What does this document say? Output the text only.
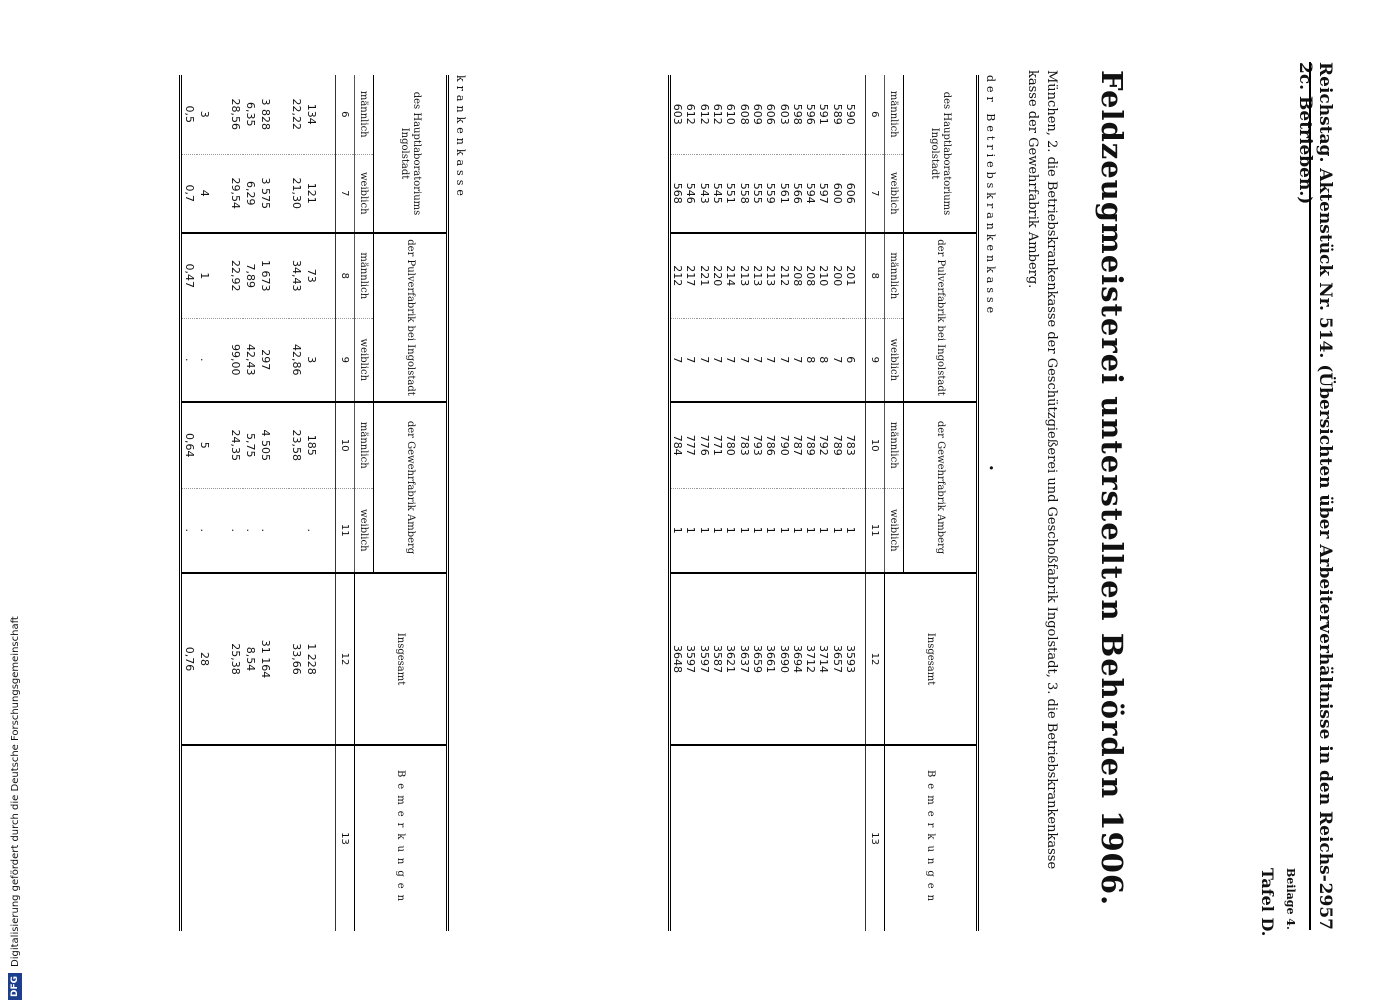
DFG
Digitalisierung gefördert durch die Deutsche Forschungsgemeinschaft	Reichstag. Aktenstück Nr. 514. (Übersichten über Arbeiterverhältnisse in den Reichs- 2c. Betrieben.)
2957
Beilage 4.
Tafel D.
Feldzeugmeisterei unterstellten Behörden 1906.
München, 2. die Betriebskrankenkasse der Geschützgießerei und Geschoßfabrik Ingolstadt, 3. die Betriebskrankenkasse kasse der Gewehrfabrik Amberg.
der Betriebskrankenkasse •
des Hauptlaboratoriums Ingolstadt		der Pulverfabrik bei Ingolstadt		der Gewehrfabrik Amberg		Insgesamt	Bemerkungen
männlich	weiblich	männlich	weiblich	männlich	weiblich		
6	7	8	9	10	11	12	13
590	606	201	6	783	1	3593	
589	600	200	7	789	1	3657	
591	597	210	8	792	1	3714	
596	594	208	8	789	1	3712	
598	566	208	7	787	1	3694	
603	561	212	7	790	1	3690	
606	559	213	7	786	1	3661	
609	555	213	7	793	1	3659	
608	558	213	7	783	1	3637	
610	551	214	7	780	1	3621	
612	545	220	7	771	1	3587	
612	543	221	7	776	1	3597	
612	546	217	7	777	1	3597	
603	568	212	7	784	1	3648	
krankenkasse
des Hauptlaboratoriums Ingolstadt		der Pulverfabrik bei Ingolstadt		der Gewehrfabrik Amberg		Insgesamt	Bemerkungen
männlich	weiblich	männlich	weiblich	männlich	weiblich		
6	7	8	9	10	11	12	13
134	121	73	3	185	.	1 228	
22,22	21,30	34,43	42,86	23,58		33,66	
3 828	3 575	1 673	297	4 505	.	31 164	
6,35	6,29	7,89	42,43	5,75	.	8,54	
28,56	29,54	22,92	99,00	24,35	.	25,38	
3	4	1	.	5	.	28	
0,5	0,7	0,47	.	0,64	.	0,76	
